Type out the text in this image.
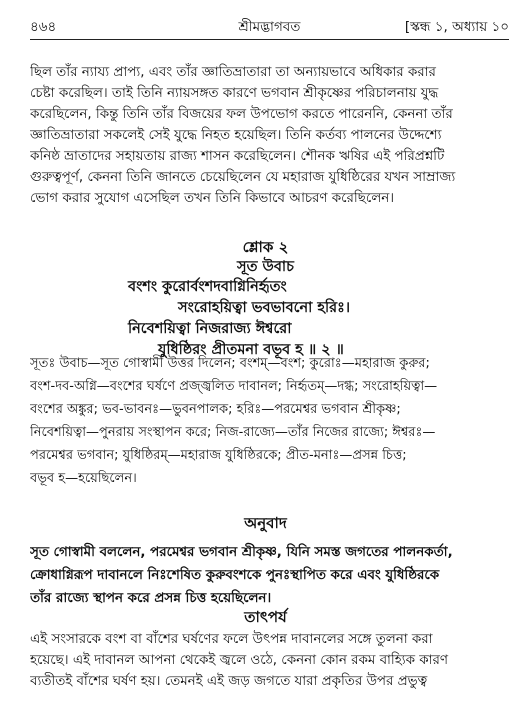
৪৬৪	শ্রীমদ্ভাগবত	[স্কন্ধ ১, অধ্যায় ১০
ছিল তাঁর ন্যায্য প্রাপ্য, এবং তাঁর জ্ঞাতিভ্রাতারা তা অন্যায়ভাবে অধিকার করার
চেষ্টা করেছিল। তাই তিনি ন্যায়সঙ্গত কারণে ভগবান শ্রীকৃষ্ণের পরিচালনায় যুদ্ধ
করেছিলেন, কিন্তু তিনি তাঁর বিজয়ের ফল উপভোগ করতে পারেননি, কেননা তাঁর
জ্ঞাতিভ্রাতারা সকলেই সেই যুদ্ধে নিহত হয়েছিল। তিনি কর্তব্য পালনের উদ্দেশ্যে
কনিষ্ঠ ভ্রাতাদের সহায়তায় রাজ্য শাসন করেছিলেন। শৌনক ঋষির এই পরিপ্রশ্নটি
গুরুত্বপূর্ণ, কেননা তিনি জানতে চেয়েছিলেন যে মহারাজ যুধিষ্ঠিরের যখন সাম্রাজ্য
ভোগ করার সুযোগ এসেছিল তখন তিনি কিভাবে আচরণ করেছিলেন।
শ্লোক ২
সূত উবাচ
বংশং কুরোর্বংশদবাগ্নিনির্হৃতং
সংরোহয়িত্বা ভবভাবনো হরিঃ।
নিবেশয়িত্বা নিজরাজ্য ঈশ্বরো
যুধিষ্ঠিরং প্রীতমনা বভূব হ ॥ ২ ॥
সূতঃ উবাচ—সূত গোস্বামী উত্তর দিলেন; বংশম্—বংশ; কুরোঃ—মহারাজ কুরুর;
বংশ-দব-অগ্নি—বংশের ঘর্ষণে প্রজ্জ্বলিত দাবানল; নির্হৃতম্—দগ্ধ; সংরোহয়িত্বা—
বংশের অঙ্কুর; ভব-ভাবনঃ—ভুবনপালক; হরিঃ—পরমেশ্বর ভগবান শ্রীকৃষ্ণ;
নিবেশয়িত্বা—পুনরায় সংস্থাপন করে; নিজ-রাজ্যে—তাঁর নিজের রাজ্যে; ঈশ্বরঃ—
পরমেশ্বর ভগবান; যুধিষ্ঠিরম্—মহারাজ যুধিষ্ঠিরকে; প্রীত-মনাঃ—প্রসন্ন চিত্ত;
বভূব হ—হয়েছিলেন।
অনুবাদ
সূত গোস্বামী বললেন, পরমেশ্বর ভগবান শ্রীকৃষ্ণ, যিনি সমস্ত জগতের পালনকর্তা,
ক্রোধাগ্নিরূপ দাবানলে নিঃশেষিত কুরুবংশকে পুনঃস্থাপিত করে এবং যুধিষ্ঠিরকে
তাঁর রাজ্যে স্থাপন করে প্রসন্ন চিত্ত হয়েছিলেন।
তাৎপর্য
এই সংসারকে বংশ বা বাঁশের ঘর্ষণের ফলে উৎপন্ন দাবানলের সঙ্গে তুলনা করা
হয়েছে। এই দাবানল আপনা থেকেই জ্বলে ওঠে, কেননা কোন রকম বাহ্যিক কারণ
ব্যতীতই বাঁশের ঘর্ষণ হয়। তেমনই এই জড় জগতে যারা প্রকৃতির উপর প্রভুত্ব
